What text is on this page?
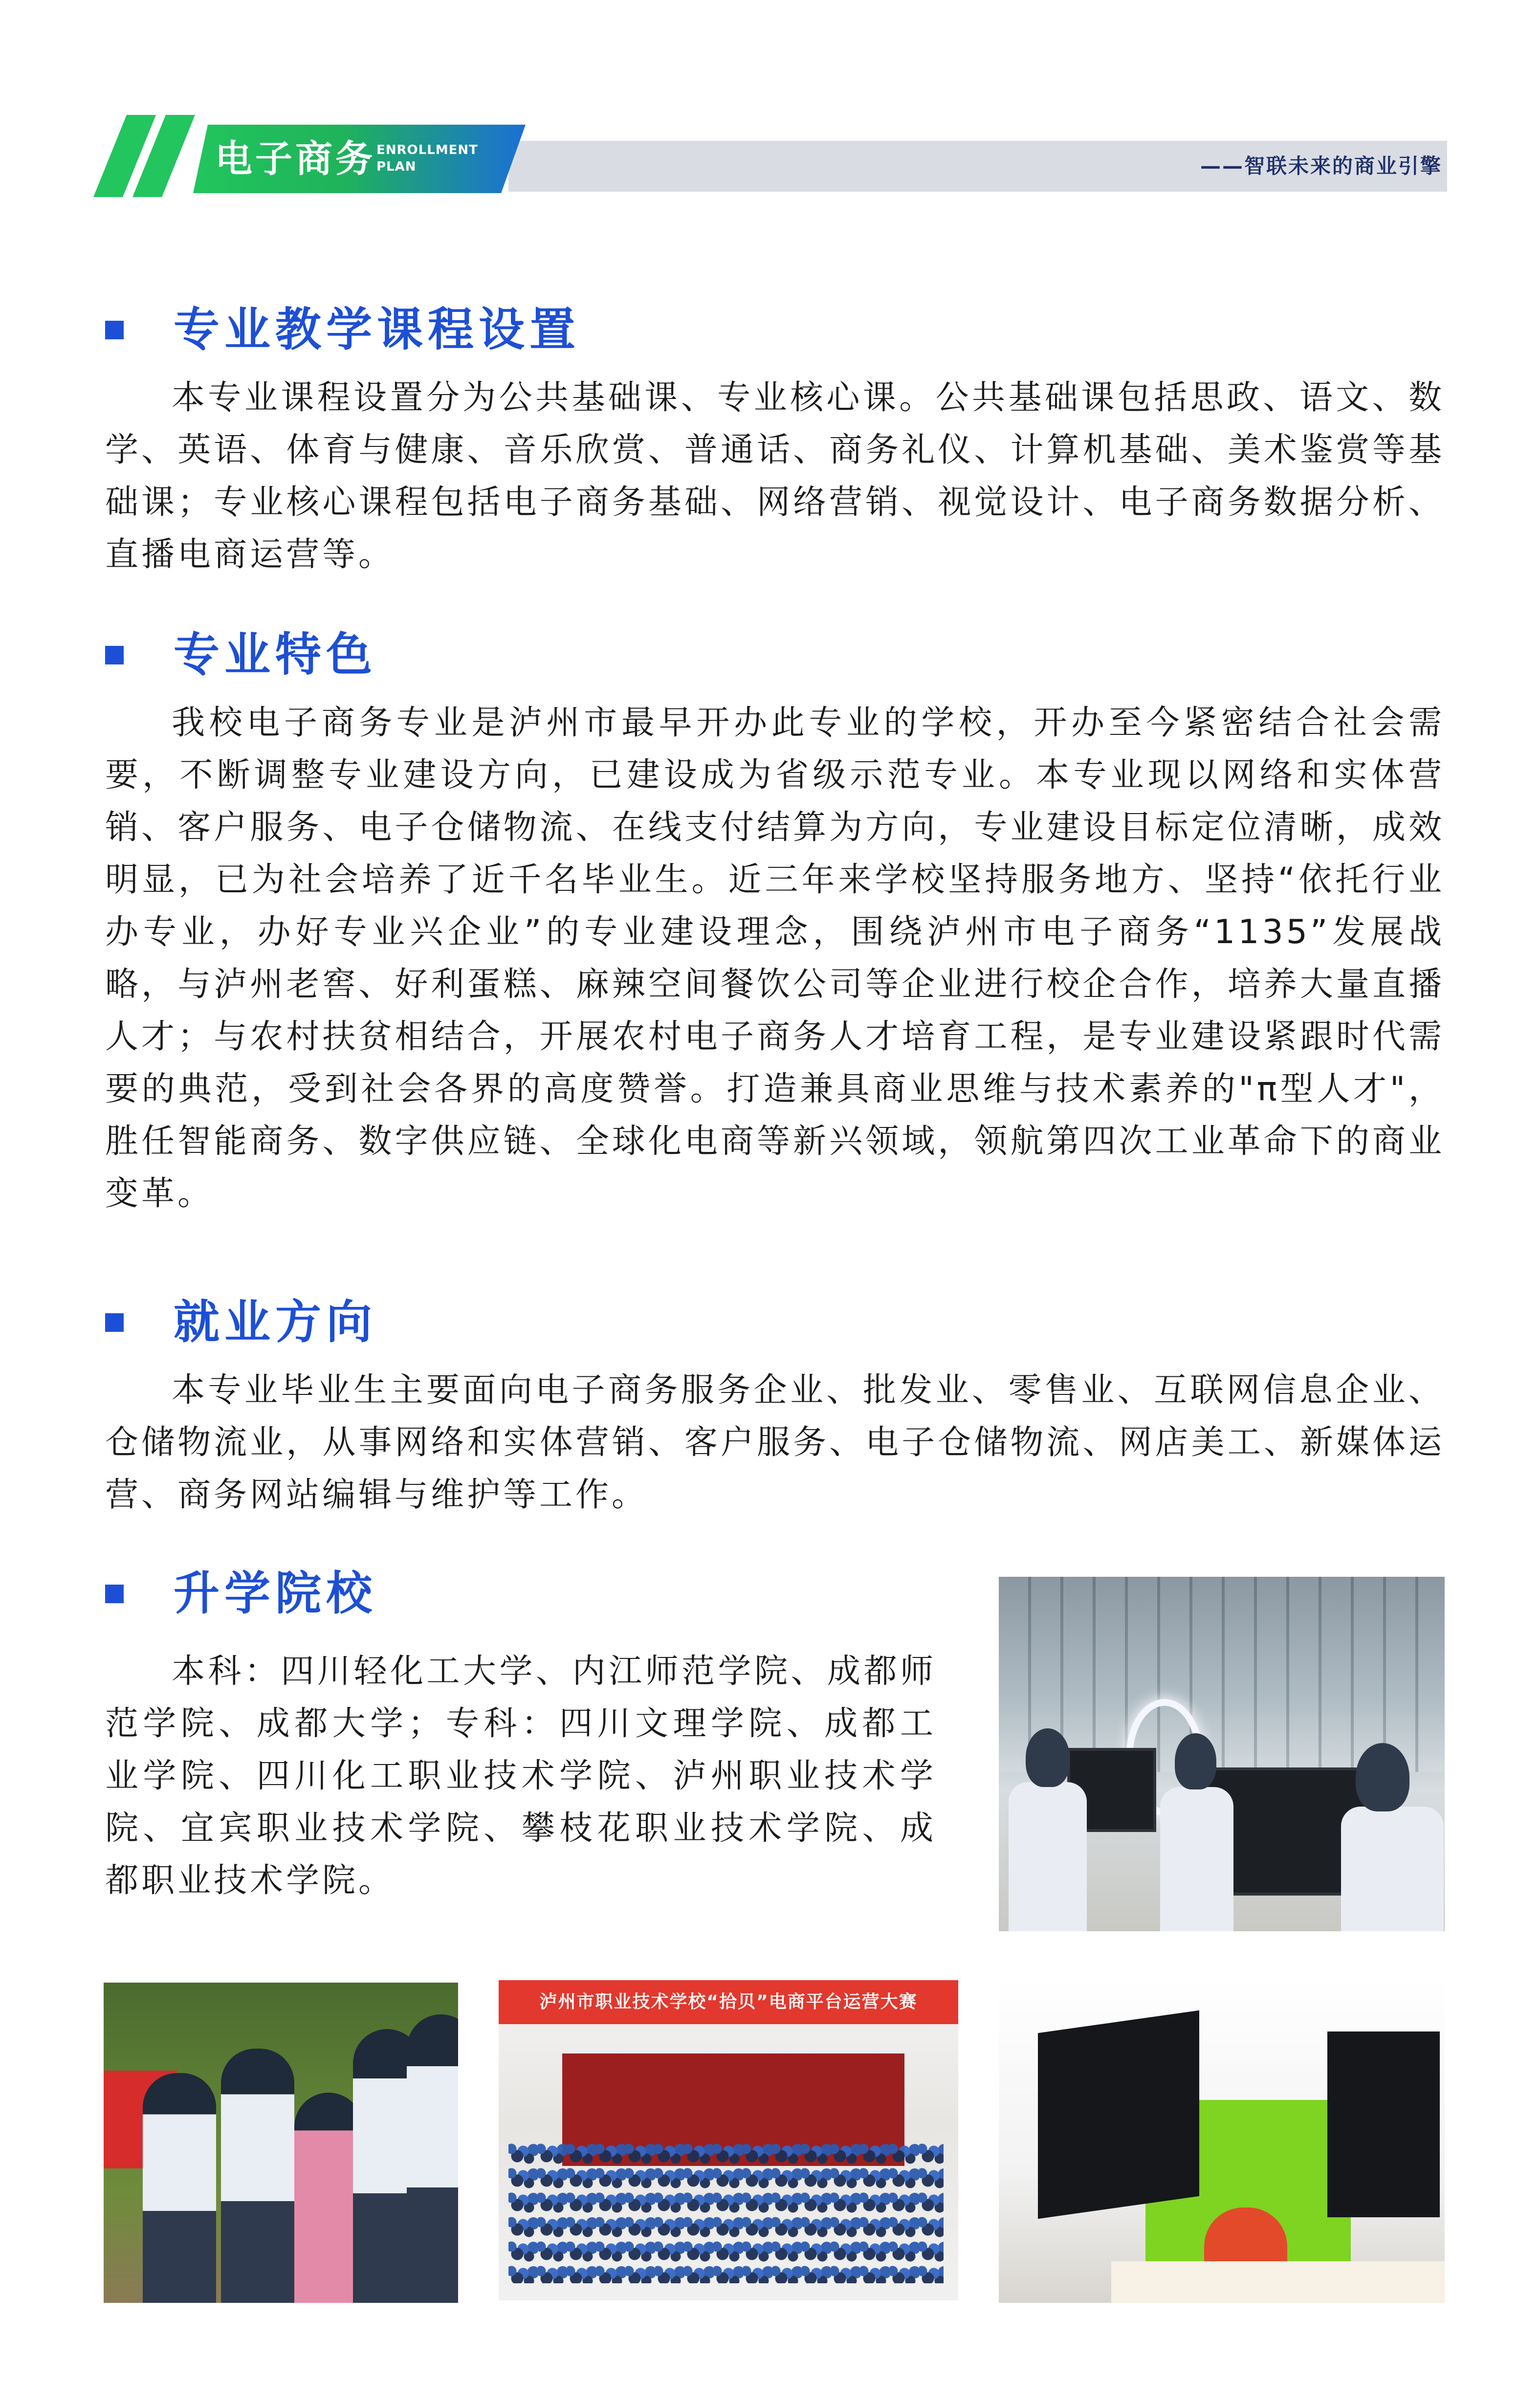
电子商务 ENROLLMENT
PLAN	——智联未来的商业引擎
专业教学课程设置

本专业课程设置分为公共基础课、专业核心课。公共基础课包括思政、语文、数学、英语、体育与健康、音乐欣赏、普通话、商务礼仪、计算机基础、美术鉴赏等基础课；专业核心课程包括电子商务基础、网络营销、视觉设计、电子商务数据分析、直播电商运营等。

专业特色

我校电子商务专业是泸州市最早开办此专业的学校，开办至今紧密结合社会需要，不断调整专业建设方向，已建设成为省级示范专业。本专业现以网络和实体营销、客户服务、电子仓储物流、在线支付结算为方向，专业建设目标定位清晰，成效明显，已为社会培养了近千名毕业生。近三年来学校坚持服务地方、坚持“依托行业办专业，办好专业兴企业”的专业建设理念，围绕泸州市电子商务“1135”发展战略，与泸州老窖、好利蛋糕、麻辣空间餐饮公司等企业进行校企合作，培养大量直播人才；与农村扶贫相结合，开展农村电子商务人才培育工程，是专业建设紧跟时代需要的典范，受到社会各界的高度赞誉。打造兼具商业思维与技术素养的"π型人才"，胜任智能商务、数字供应链、全球化电商等新兴领域，领航第四次工业革命下的商业变革。

就业方向

本专业毕业生主要面向电子商务服务企业、批发业、零售业、互联网信息企业、仓储物流业，从事网络和实体营销、客户服务、电子仓储物流、网店美工、新媒体运营、商务网站编辑与维护等工作。

升学院校

本科：四川轻化工大学、内江师范学院、成都师范学院、成都大学；专科：四川文理学院、成都工业学院、四川化工职业技术学院、泸州职业技术学院、宜宾职业技术学院、攀枝花职业技术学院、成都职业技术学院。

泸州市职业技术学校“拾贝”电商平台运营大赛
